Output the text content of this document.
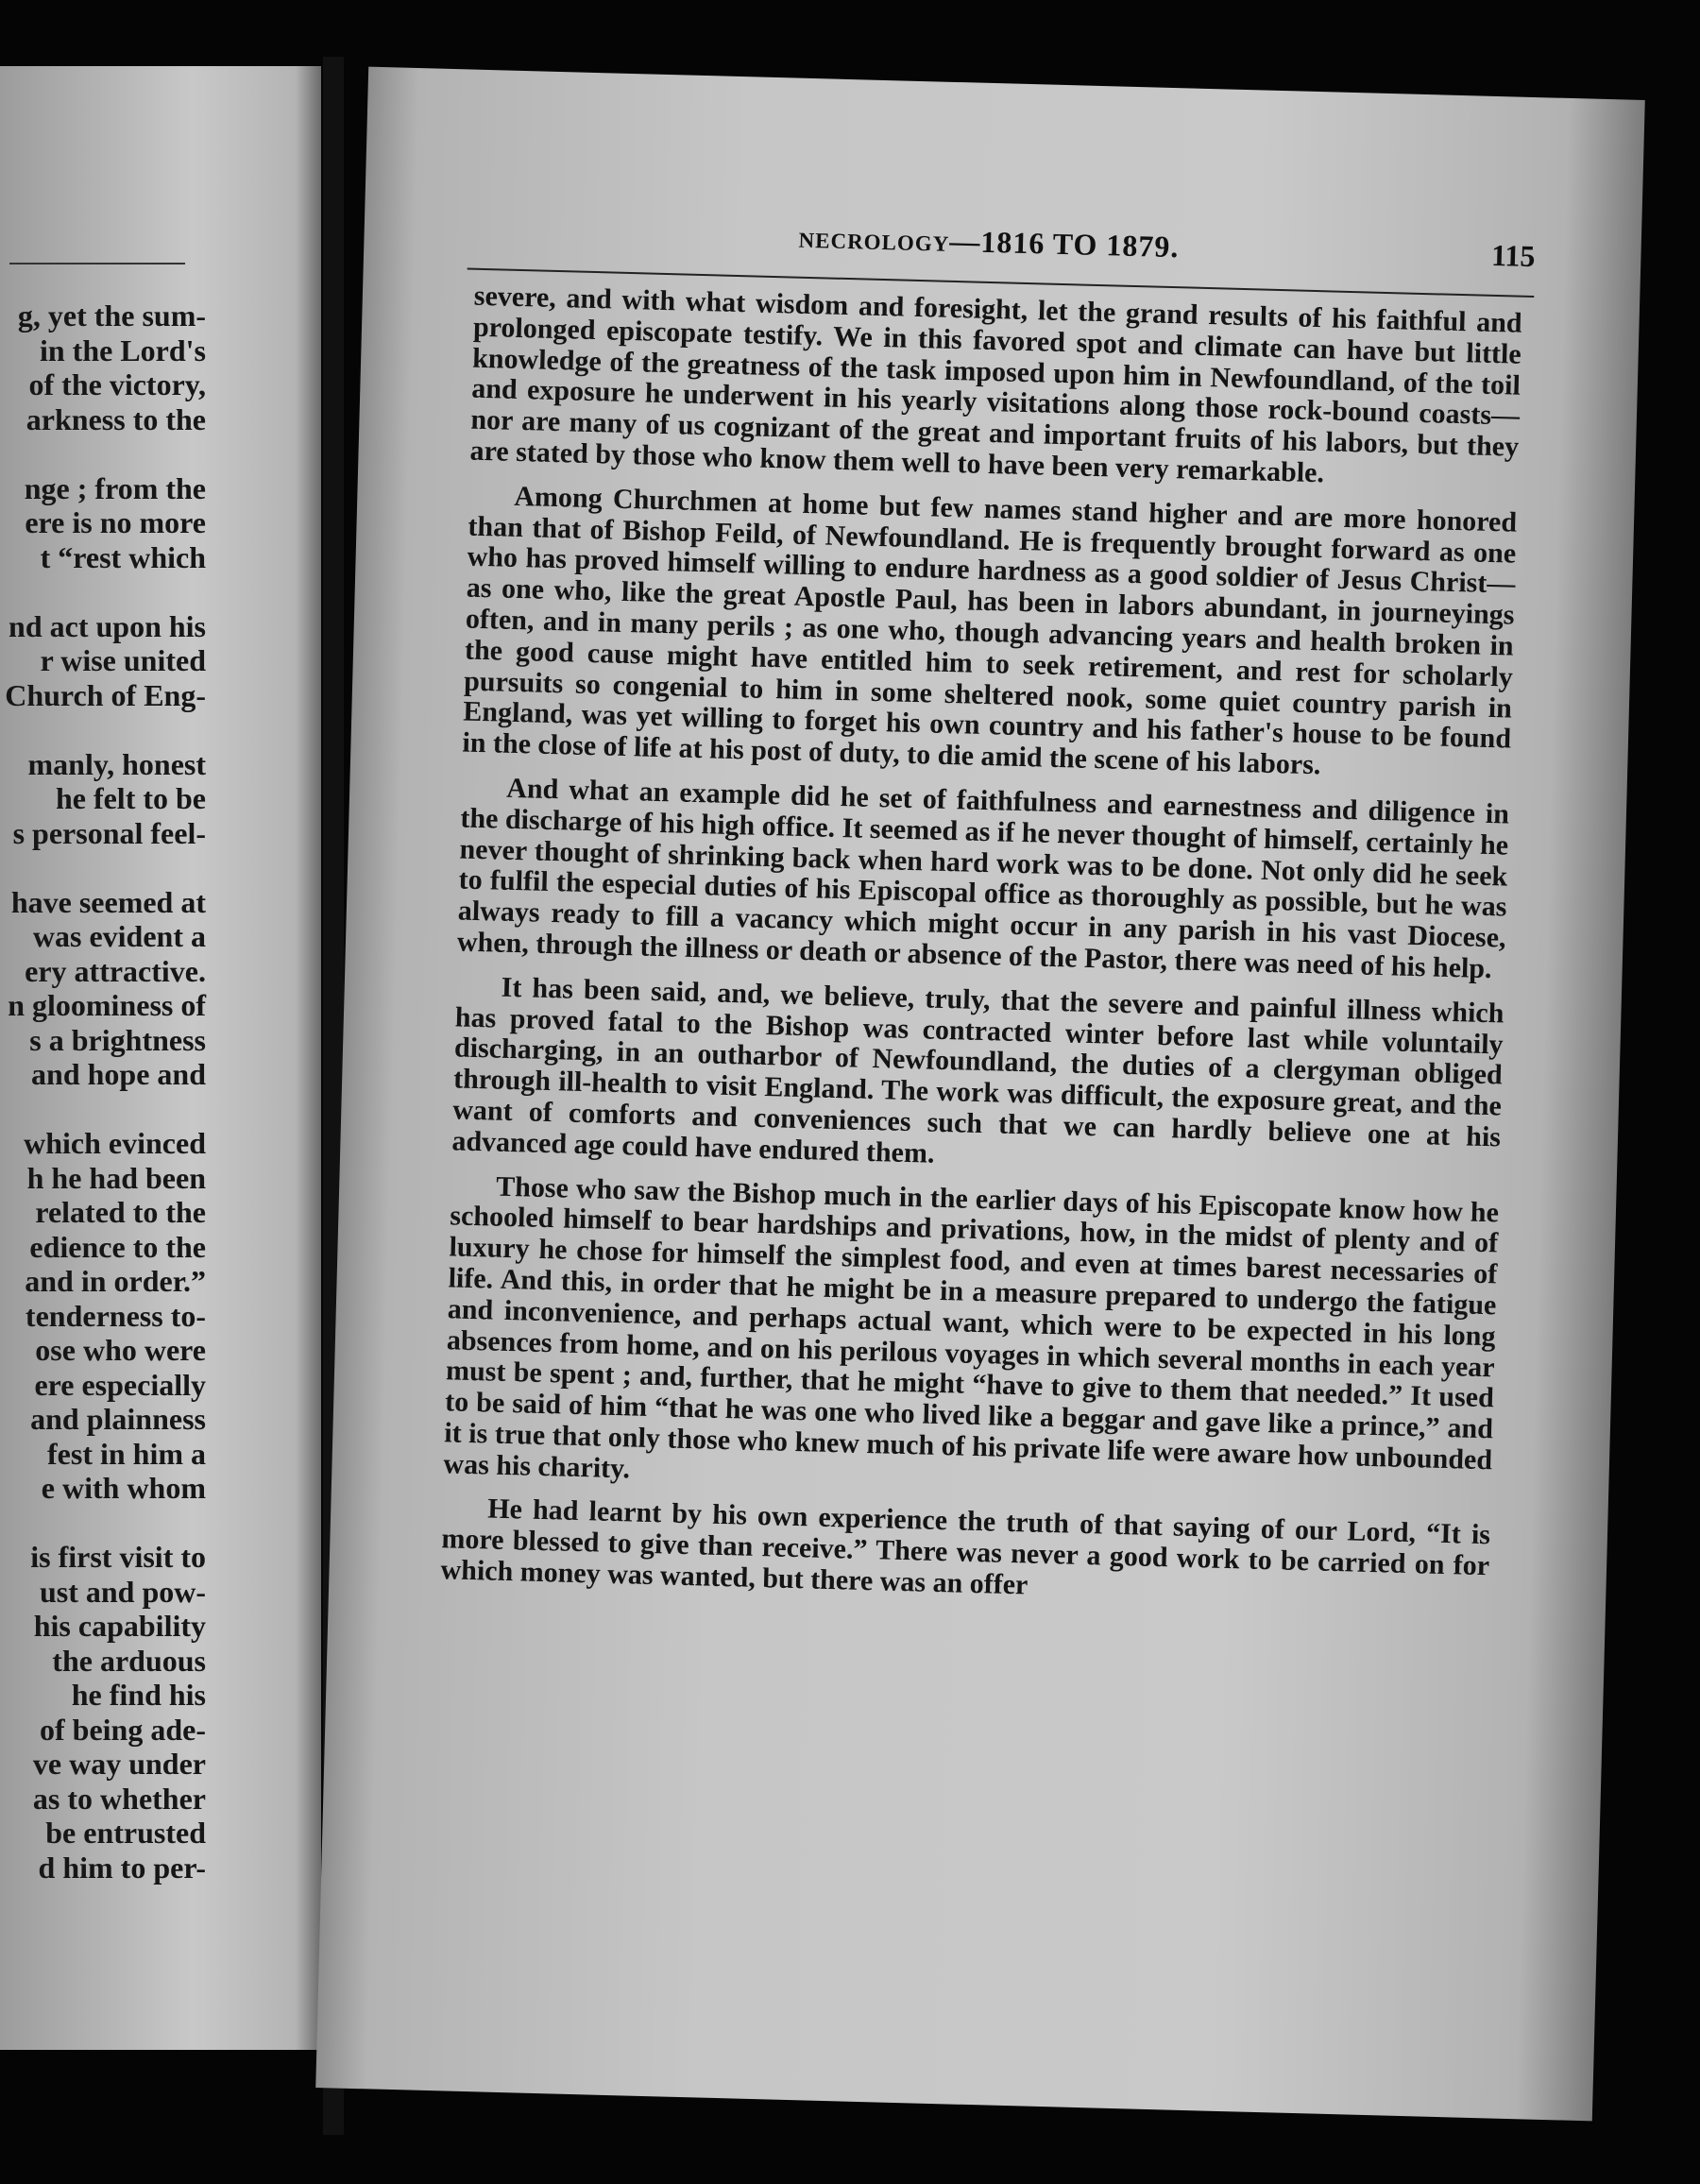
g, yet the sum-
in the Lord's
of the victory,
arkness to the
nge ; from the
ere is no more
t “rest which
nd act upon his
r wise united
Church of Eng-
manly, honest
he felt to be
s personal feel-
have seemed at
was evident a
ery attractive.
n gloominess of
s a brightness
and hope and
which evinced
h he had been
related to the
edience to the
and in order.”
tenderness to-
ose who were
ere especially
and plainness
fest in him a
e with whom
is first visit to
ust and pow-
his capability
the arduous
he find his
of being ade-
ve way under
as to whether
be entrusted
d him to per-
NECROLOGY—1816 TO 1879.	115

severe, and with what wisdom and foresight, let the grand results of his faithful and prolonged episcopate testify. We in this favored spot and climate can have but little knowledge of the greatness of the task imposed upon him in Newfoundland, of the toil and exposure he underwent in his yearly visitations along those rock-bound coasts—nor are many of us cognizant of the great and important fruits of his labors, but they are stated by those who know them well to have been very remarkable.

Among Churchmen at home but few names stand higher and are more honored than that of Bishop Feild, of Newfoundland. He is frequently brought forward as one who has proved himself willing to endure hardness as a good soldier of Jesus Christ—as one who, like the great Apostle Paul, has been in labors abundant, in journeyings often, and in many perils ; as one who, though advancing years and health broken in the good cause might have entitled him to seek retirement, and rest for scholarly pursuits so congenial to him in some sheltered nook, some quiet country parish in England, was yet willing to forget his own country and his father's house to be found in the close of life at his post of duty, to die amid the scene of his labors.

And what an example did he set of faithfulness and earnestness and diligence in the discharge of his high office. It seemed as if he never thought of himself, certainly he never thought of shrinking back when hard work was to be done. Not only did he seek to fulfil the especial duties of his Episcopal office as thoroughly as possible, but he was always ready to fill a vacancy which might occur in any parish in his vast Diocese, when, through the illness or death or absence of the Pastor, there was need of his help.

It has been said, and, we believe, truly, that the severe and painful illness which has proved fatal to the Bishop was contracted winter before last while voluntaily discharging, in an outharbor of Newfoundland, the duties of a clergyman obliged through ill-health to visit England. The work was difficult, the exposure great, and the want of comforts and conveniences such that we can hardly believe one at his advanced age could have endured them.

Those who saw the Bishop much in the earlier days of his Episcopate know how he schooled himself to bear hardships and privations, how, in the midst of plenty and of luxury he chose for himself the simplest food, and even at times barest necessaries of life. And this, in order that he might be in a measure prepared to undergo the fatigue and inconvenience, and perhaps actual want, which were to be expected in his long absences from home, and on his perilous voyages in which several months in each year must be spent ; and, further, that he might “have to give to them that needed.” It used to be said of him “that he was one who lived like a beggar and gave like a prince,” and it is true that only those who knew much of his private life were aware how unbounded was his charity.

He had learnt by his own experience the truth of that saying of our Lord, “It is more blessed to give than receive.” There was never a good work to be carried on for which money was wanted, but there was an offer
